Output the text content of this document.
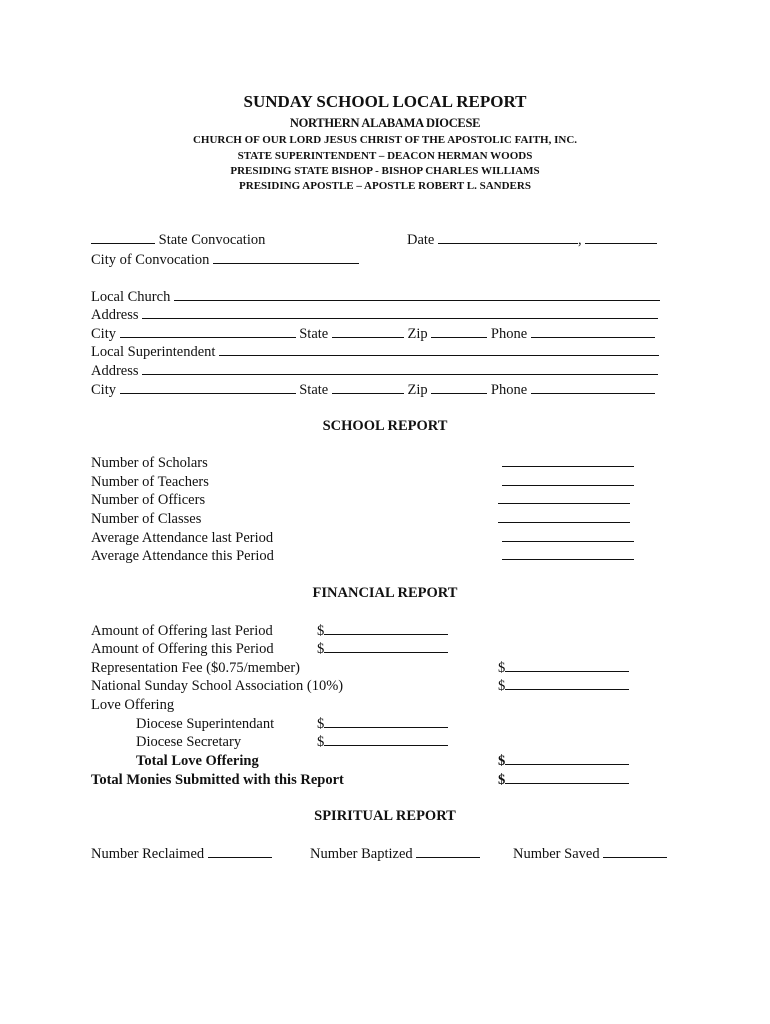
SUNDAY SCHOOL LOCAL REPORT
NORTHERN ALABAMA DIOCESE
CHURCH OF OUR LORD JESUS CHRIST OF THE APOSTOLIC FAITH, INC.
STATE SUPERINTENDENT – DEACON HERMAN WOODS
PRESIDING STATE BISHOP - BISHOP CHARLES WILLIAMS
PRESIDING APOSTLE – APOSTLE ROBERT L. SANDERS
State Convocation	Date	,
City of Convocation
Local Church
Address
City	State	Zip	Phone
Local Superintendent
Address
City	State	Zip	Phone
SCHOOL REPORT
Number of Scholars
Number of Teachers
Number of Officers
Number of Classes
Average Attendance last Period
Average Attendance this Period
FINANCIAL REPORT
Amount of Offering last Period	$
Amount of Offering this Period	$
Representation Fee ($0.75/member)	$
National Sunday School Association (10%)	$
Love Offering
Diocese Superintendant	$
Diocese Secretary	$
Total Love Offering	$
Total Monies Submitted with this Report	$
SPIRITUAL REPORT
Number Reclaimed	Number Baptized	Number Saved
